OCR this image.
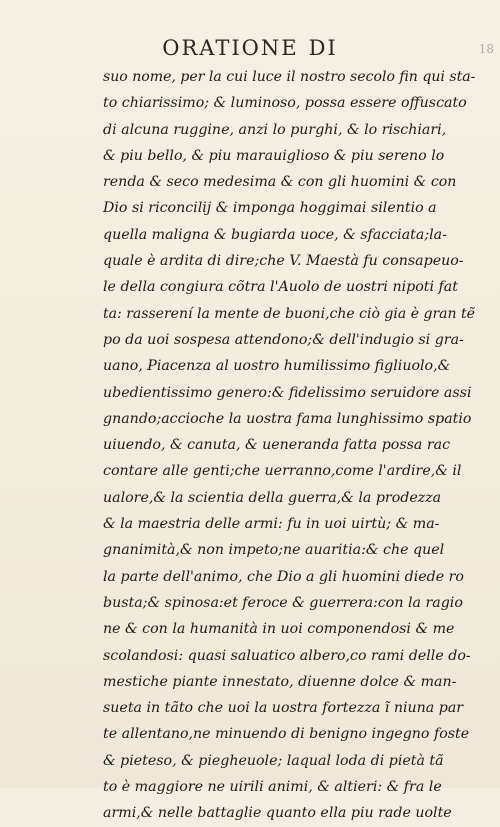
ORATIONE DI	18
suo nome, per la cui luce il nostro secolo fin qui sta-
to chiarissimo; & luminoso, possa essere offuscato
di alcuna ruggine, anzi lo purghi, & lo rischiari,
& piu bello, & piu marauiglioso & piu sereno lo
renda & seco medesima & con gli huomini & con
Dio si riconcilij & imponga hoggimai silentio a
quella maligna & bugiarda uoce, & sfacciata;la-
quale è ardita di dire;che V. Maestà fu consapeuo-
le della congiura cõtra l'Auolo de uostri nipoti fat
ta: rasserení la mente de buoni,che ciò gia è gran tẽ
po da uoi sospesa attendono;& dell'indugio si gra-
uano, Piacenza al uostro humilissimo figliuolo,&
ubedientissimo genero:& fidelissimo seruidore assi
gnando;accioche la uostra fama lunghissimo spatio
uiuendo, & canuta, & ueneranda fatta possa rac
contare alle genti;che uerranno,come l'ardire,& il
ualore,& la scientia della guerra,& la prodezza
& la maestria delle armi: fu in uoi uirtù; & ma-
gnanimità,& non impeto;ne auaritia:& che quel
la parte dell'animo, che Dio a gli huomini diede ro
busta;& spinosa:et feroce & guerrera:con la ragio
ne & con la humanità in uoi componendosi & me
scolandosi: quasi saluatico albero,co rami delle do-
mestiche piante innestato, diuenne dolce & man-
sueta in tãto che uoi la uostra fortezza ĩ niuna par
te allentano,ne minuendo di benigno ingegno foste
& pieteso, & piegheuole; laqual lodа di pietà tã
to è maggiore ne uirili animi, & altieri: & fra le
armi,& nelle battaglie quanto ella piu rade uolte
